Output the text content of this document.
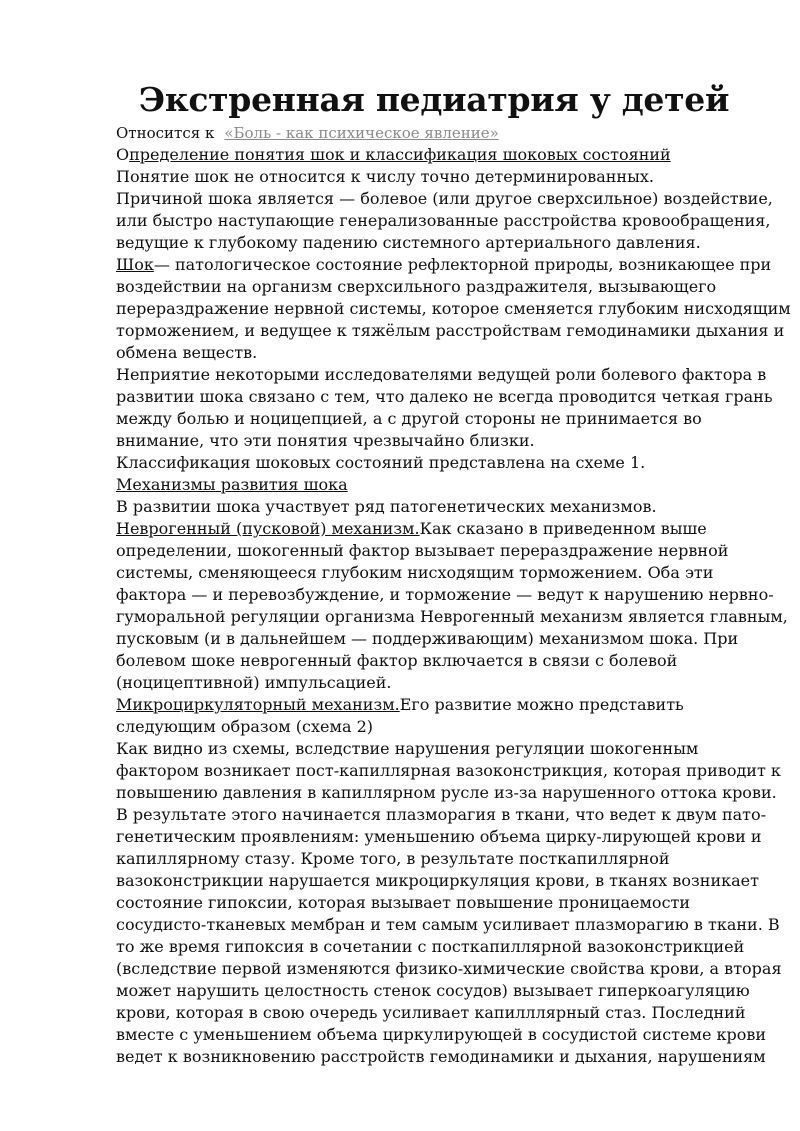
Экстренная педиатрия у детей
Относится к «Боль - как психическое явление»
Определение понятия шок и классификация шоковых состояний
Понятие шок не относится к числу точно детерминированных.
Причиной шока является — болевое (или другое сверхсильное) воздействие,
или быстро наступающие генерализованные расстройства кровообращения,
ведущие к глубокому падению системного артериального давления.
Шок— патологическое состояние рефлекторной природы, возникающее при
воздействии на организм сверхсильного раздражителя, вызывающего
перераздражение нервной системы, которое сменяется глубоким нисходящим
торможением, и ведущее к тяжёлым расстройствам гемодинамики дыхания и
обмена веществ.
Неприятие некоторыми исследователями ведущей роли болевого фактора в
развитии шока связано с тем, что далеко не всегда проводится четкая грань
между болью и ноцицепцией, а с другой стороны не принимается во
внимание, что эти понятия чрезвычайно близки.
Классификация шоковых состояний представлена на схеме 1.
Механизмы развития шока
В развитии шока участвует ряд патогенетических механизмов.
Неврогенный (пусковой) механизм.Как сказано в приведенном выше
определении, шокогенный фактор вызывает перераздражение нервной
системы, сменяющееся глубоким нисходящим торможением. Оба эти
фактора — и перевозбуждение, и торможение — ведут к нарушению нервно-
гуморальной регуляции организма Неврогенный механизм является главным,
пусковым (и в дальнейшем — поддерживающим) механизмом шока. При
болевом шоке неврогенный фактор включается в связи с болевой
(ноцицептивной) импульсацией.
Микроциркуляторный механизм.Его развитие можно представить
следующим образом (схема 2)
Как видно из схемы, вследствие нарушения регуляции шокогенным
фактором возникает пост-капиллярная вазоконстрикция, которая приводит к
повышению давления в капиллярном русле из-за нарушенного оттока крови.
В результате этого начинается плазморагия в ткани, что ведет к двум пато-
генетическим проявлениям: уменьшению объема цирку-лирующей крови и
капиллярному стазу. Кроме того, в результате посткапиллярной
вазоконстрикции нарушается микроциркуляция крови, в тканях возникает
состояние гипоксии, которая вызывает повышение проницаемости
сосудисто-тканевых мембран и тем самым усиливает плазморагию в ткани. В
то же время гипоксия в сочетании с посткапиллярной вазоконстрикцией
(вследствие первой изменяются физико-химические свойства крови, а вторая
может нарушить целостность стенок сосудов) вызывает гиперкоагуляцию
крови, которая в свою очередь усиливает капилллярный стаз. Последний
вместе с уменьшением объема циркулирующей в сосудистой системе крови
ведет к возникновению расстройств гемодинамики и дыхания, нарушениям
